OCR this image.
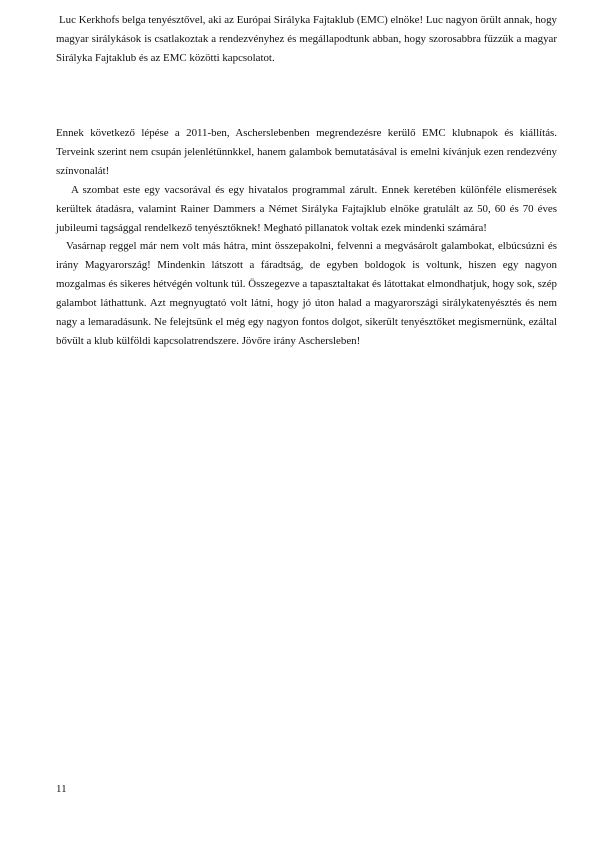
Luc Kerkhofs belga tenyésztővel, aki az Európai Sirályka Fajtaklub (EMC) elnöke! Luc nagyon örült annak, hogy magyar sirálykások is csatlakoztak a rendezvényhez és megállapodtunk abban, hogy szorosabbra fűzzük a magyar Sirályka Fajtaklub és az EMC közötti kapcsolatot.

Ennek következő lépése a 2011-ben, Ascherslebenben megrendezésre kerülő EMC klubnapok és kiállítás. Terveink szerint nem csupán jelenlétünnkkel, hanem galambok bemutatásával is emelni kívánjuk ezen rendezvény színvonalát!

A szombat este egy vacsorával és egy hivatalos programmal zárult. Ennek keretében különféle elismerések kerültek átadásra, valamint Rainer Dammers a Német Sirályka Fajtajklub elnöke gratulált az 50, 60 és 70 éves jubileumi tagsággal rendelkező tenyésztőknek! Megható pillanatok voltak ezek mindenki számára!

Vasárnap reggel már nem volt más hátra, mint összepakolni, felvenni a megvásárolt galambokat, elbúcsúzni és irány Magyarország! Mindenkin látszott a fáradtság, de egyben boldogok is voltunk, hiszen egy nagyon mozgalmas és sikeres hétvégén voltunk túl. Összegezve a tapasztaltakat és látottakat elmondhatjuk, hogy sok, szép galambot láthattunk. Azt megnyugtató volt látni, hogy jó úton halad a magyarországi sirálykatenyésztés és nem nagy a lemaradásunk. Ne felejtsünk el még egy nagyon fontos dolgot, sikerült tenyésztőket megismernünk, ezáltal bővült a klub külföldi kapcsolatrendszere. Jövőre irány Aschersleben!

11
